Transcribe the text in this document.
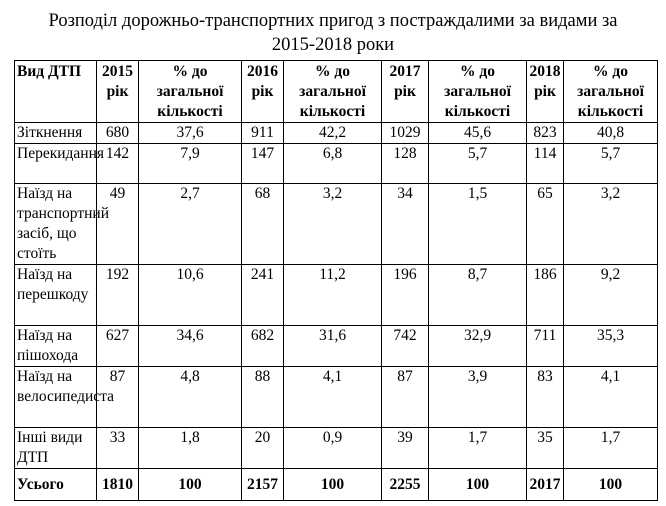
Розподіл дорожньо-транспортних пригод з постраждалими за видами за
2015-2018 роки
Вид ДТП	2015 рік	% до загальної кількості	2016 рік	% до загальної кількості	2017 рік	% до загальної кількості	2018 рік	% до загальної кількості
Зіткнення	680	37,6	911	42,2	1029	45,6	823	40,8
Перекидання	142	7,9	147	6,8	128	5,7	114	5,7
Наїзд на транспортний засіб, що стоїть	49	2,7	68	3,2	34	1,5	65	3,2
Наїзд на перешкоду	192	10,6	241	11,2	196	8,7	186	9,2
Наїзд на пішохода	627	34,6	682	31,6	742	32,9	711	35,3
Наїзд на велосипедиста	87	4,8	88	4,1	87	3,9	83	4,1
Інші види ДТП	33	1,8	20	0,9	39	1,7	35	1,7
Усього	1810	100	2157	100	2255	100	2017	100
